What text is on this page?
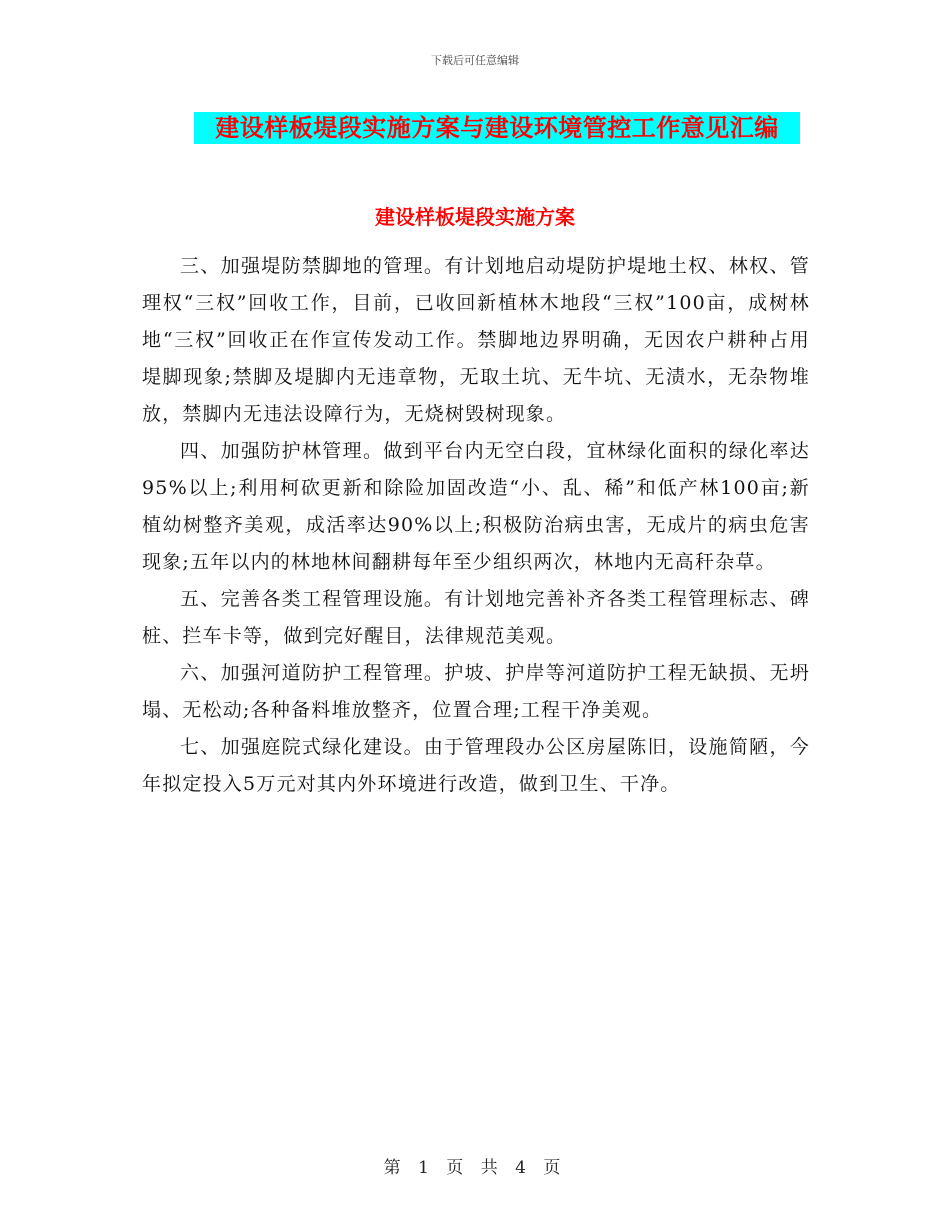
下载后可任意编辑
建设样板堤段实施方案与建设环境管控工作意见汇编
建设样板堤段实施方案

三、加强堤防禁脚地的管理。有计划地启动堤防护堤地土权、林权、管理权“三权”回收工作，目前，已收回新植林木地段“三权”100亩，成树林地“三权”回收正在作宣传发动工作。禁脚地边界明确，无因农户耕种占用堤脚现象;禁脚及堤脚内无违章物，无取土坑、无牛坑、无渍水，无杂物堆放，禁脚内无违法设障行为，无烧树毁树现象。

四、加强防护林管理。做到平台内无空白段，宜林绿化面积的绿化率达95%以上;利用柯砍更新和除险加固改造“小、乱、稀”和低产林100亩;新植幼树整齐美观，成活率达90%以上;积极防治病虫害，无成片的病虫危害现象;五年以内的林地林间翻耕每年至少组织两次，林地内无高秆杂草。

五、完善各类工程管理设施。有计划地完善补齐各类工程管理标志、碑桩、拦车卡等，做到完好醒目，法律规范美观。

六、加强河道防护工程管理。护坡、护岸等河道防护工程无缺损、无坍塌、无松动;各种备料堆放整齐，位置合理;工程干净美观。

七、加强庭院式绿化建设。由于管理段办公区房屋陈旧，设施简陋，今年拟定投入5万元对其内外环境进行改造，做到卫生、干净。

第 1 页 共 4 页
